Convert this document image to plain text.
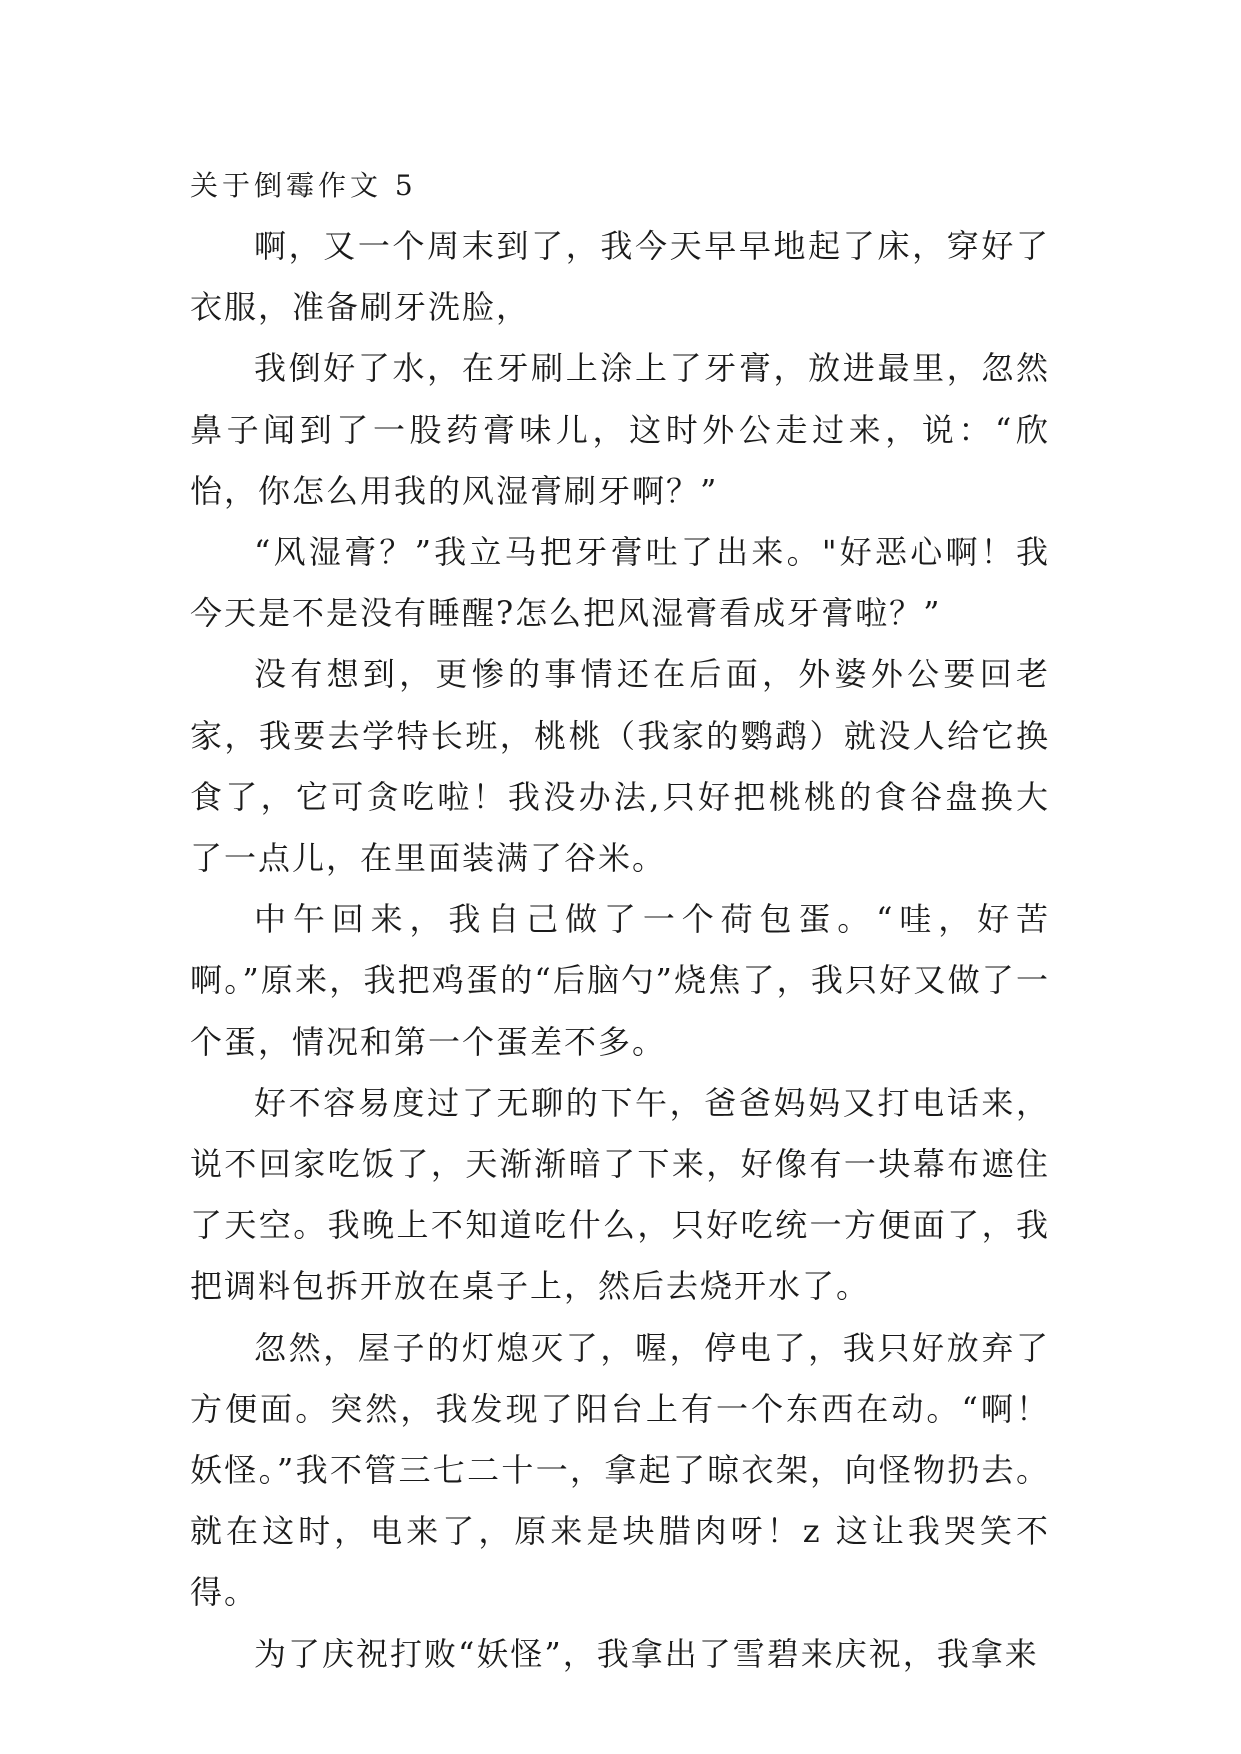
关于倒霉作文 5

啊，又一个周末到了，我今天早早地起了床，穿好了衣服，准备刷牙洗脸，

我倒好了水，在牙刷上涂上了牙膏，放进最里，忽然鼻子闻到了一股药膏味儿，这时外公走过来，说：“欣怡，你怎么用我的风湿膏刷牙啊？”

“风湿膏？”我立马把牙膏吐了出来。"好恶心啊！我今天是不是没有睡醒?怎么把风湿膏看成牙膏啦？”

没有想到，更惨的事情还在后面，外婆外公要回老家，我要去学特长班，桃桃（我家的鹦鹉）就没人给它换食了，它可贪吃啦！我没办法,只好把桃桃的食谷盘换大了一点儿，在里面装满了谷米。

中午回来，我自己做了一个荷包蛋。“哇，好苦啊。”原来，我把鸡蛋的“后脑勺”烧焦了，我只好又做了一个蛋，情况和第一个蛋差不多。

好不容易度过了无聊的下午，爸爸妈妈又打电话来，说不回家吃饭了，天渐渐暗了下来，好像有一块幕布遮住了天空。我晚上不知道吃什么，只好吃统一方便面了，我把调料包拆开放在桌子上，然后去烧开水了。

忽然，屋子的灯熄灭了，喔，停电了，我只好放弃了方便面。突然，我发现了阳台上有一个东西在动。“啊！妖怪。”我不管三七二十一，拿起了晾衣架，向怪物扔去。就在这时，电来了，原来是块腊肉呀！z 这让我哭笑不得。

为了庆祝打败“妖怪”，我拿出了雪碧来庆祝，我拿来
